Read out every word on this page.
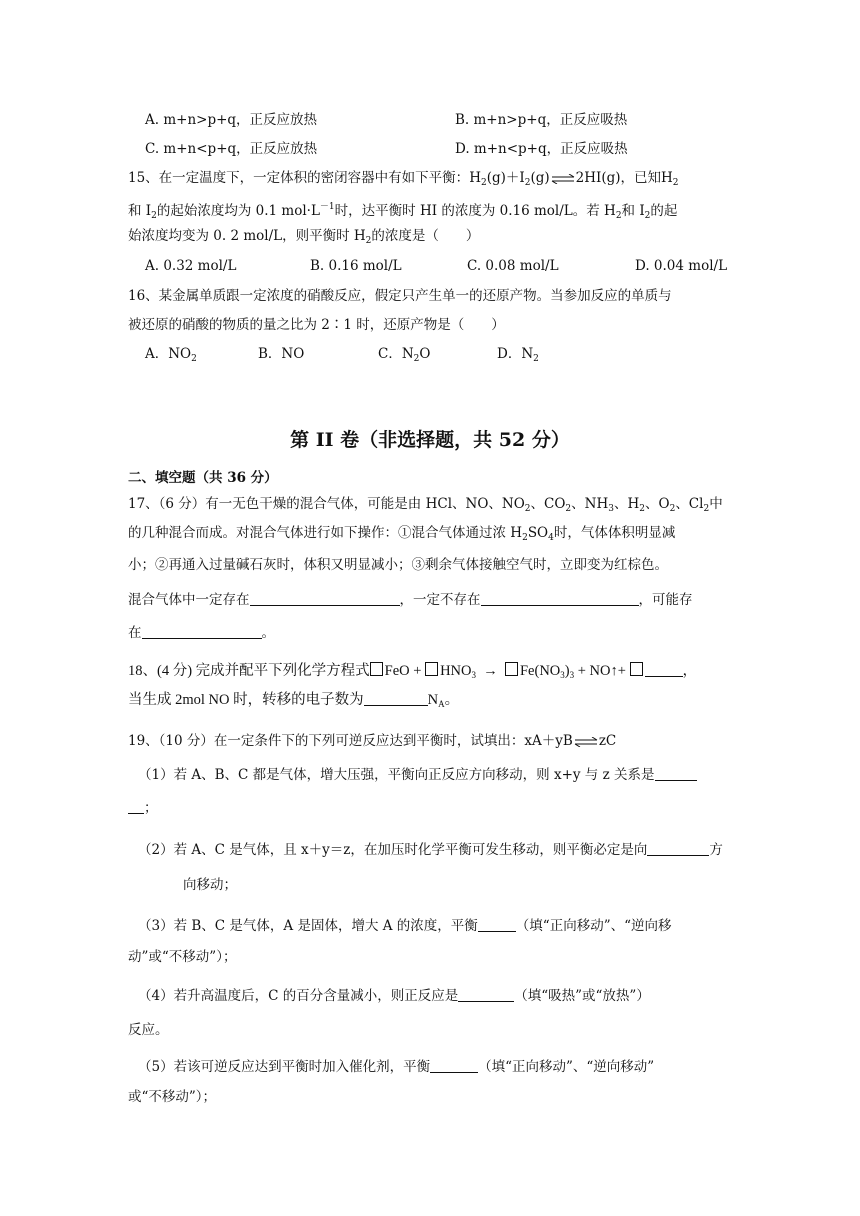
A. m+n>p+q，正反应放热	B. m+n>p+q，正反应吸热
C. m+n<p+q，正反应放热	D. m+n<p+q，正反应吸热
15、在一定温度下，一定体积的密闭容器中有如下平衡：$H_2(g)+I_2(g)\rightleftharpoons 2HI(g)$，已知$H_2$
和 $I_2$的起始浓度均为 0.1 $mol\cdot L^{-1}$时，达平衡时 HI 的浓度为 0.16 mol/L。若 $H_2$和 $I_2$的起
始浓度均变为 0. 2 mol/L，则平衡时 $H_2$的浓度是（　　）
A. 0.32 mol/L	B. 0.16 mol/L	C. 0.08 mol/L	D. 0.04 mol/L
16、某金属单质跟一定浓度的硝酸反应，假定只产生单一的还原产物。当参加反应的单质与
被还原的硝酸的物质的量之比为 2∶1 时，还原产物是（　　）
A．$NO_2$	B．NO	C．$N_2O$	D．$N_2$
第 II 卷（非选择题，共 52 分）
二、填空题（共 36 分）
17、（6 分）有一无色干燥的混合气体，可能是由 HCl、NO、$NO_2$、$CO_2$、$NH_3$、$H_2$、$O_2$、$Cl_2$中
的几种混合而成。对混合气体进行如下操作：①混合气体通过浓 $H_2SO_4$时，气体体积明显减
小；②再通入过量碱石灰时，体积又明显减小；③剩余气体接触空气时，立即变为红棕色。
混合气体中一定存在	，一定不存在	，可能存
在	。
18、(4 分) 完成并配平下列化学方程式 FeO + $HNO_3 \to Fe(NO_3)_3$ + NO↑+	，
当生成 2mol NO 时，转移的电子数为	$N_A$。
19、（10 分）在一定条件下的下列可逆反应达到平衡时，试填出：xA＋yB⇌zC
（1）若 A、B、C 都是气体，增大压强，平衡向正反应方向移动，则 x+y 与 z 关系是
；
（2）若 A、C 是气体，且 x＋y＝z，在加压时化学平衡可发生移动，则平衡必定是向	方
向移动；
（3）若 B、C 是气体，A 是固体，增大 A 的浓度，平衡	（填“正向移动”、“逆向移
动”或“不移动”）；
（4）若升高温度后，C 的百分含量减小，则正反应是	（填“吸热”或“放热”）
反应。
（5）若该可逆反应达到平衡时加入催化剂，平衡	（填“正向移动”、“逆向移动”
或“不移动”）；
